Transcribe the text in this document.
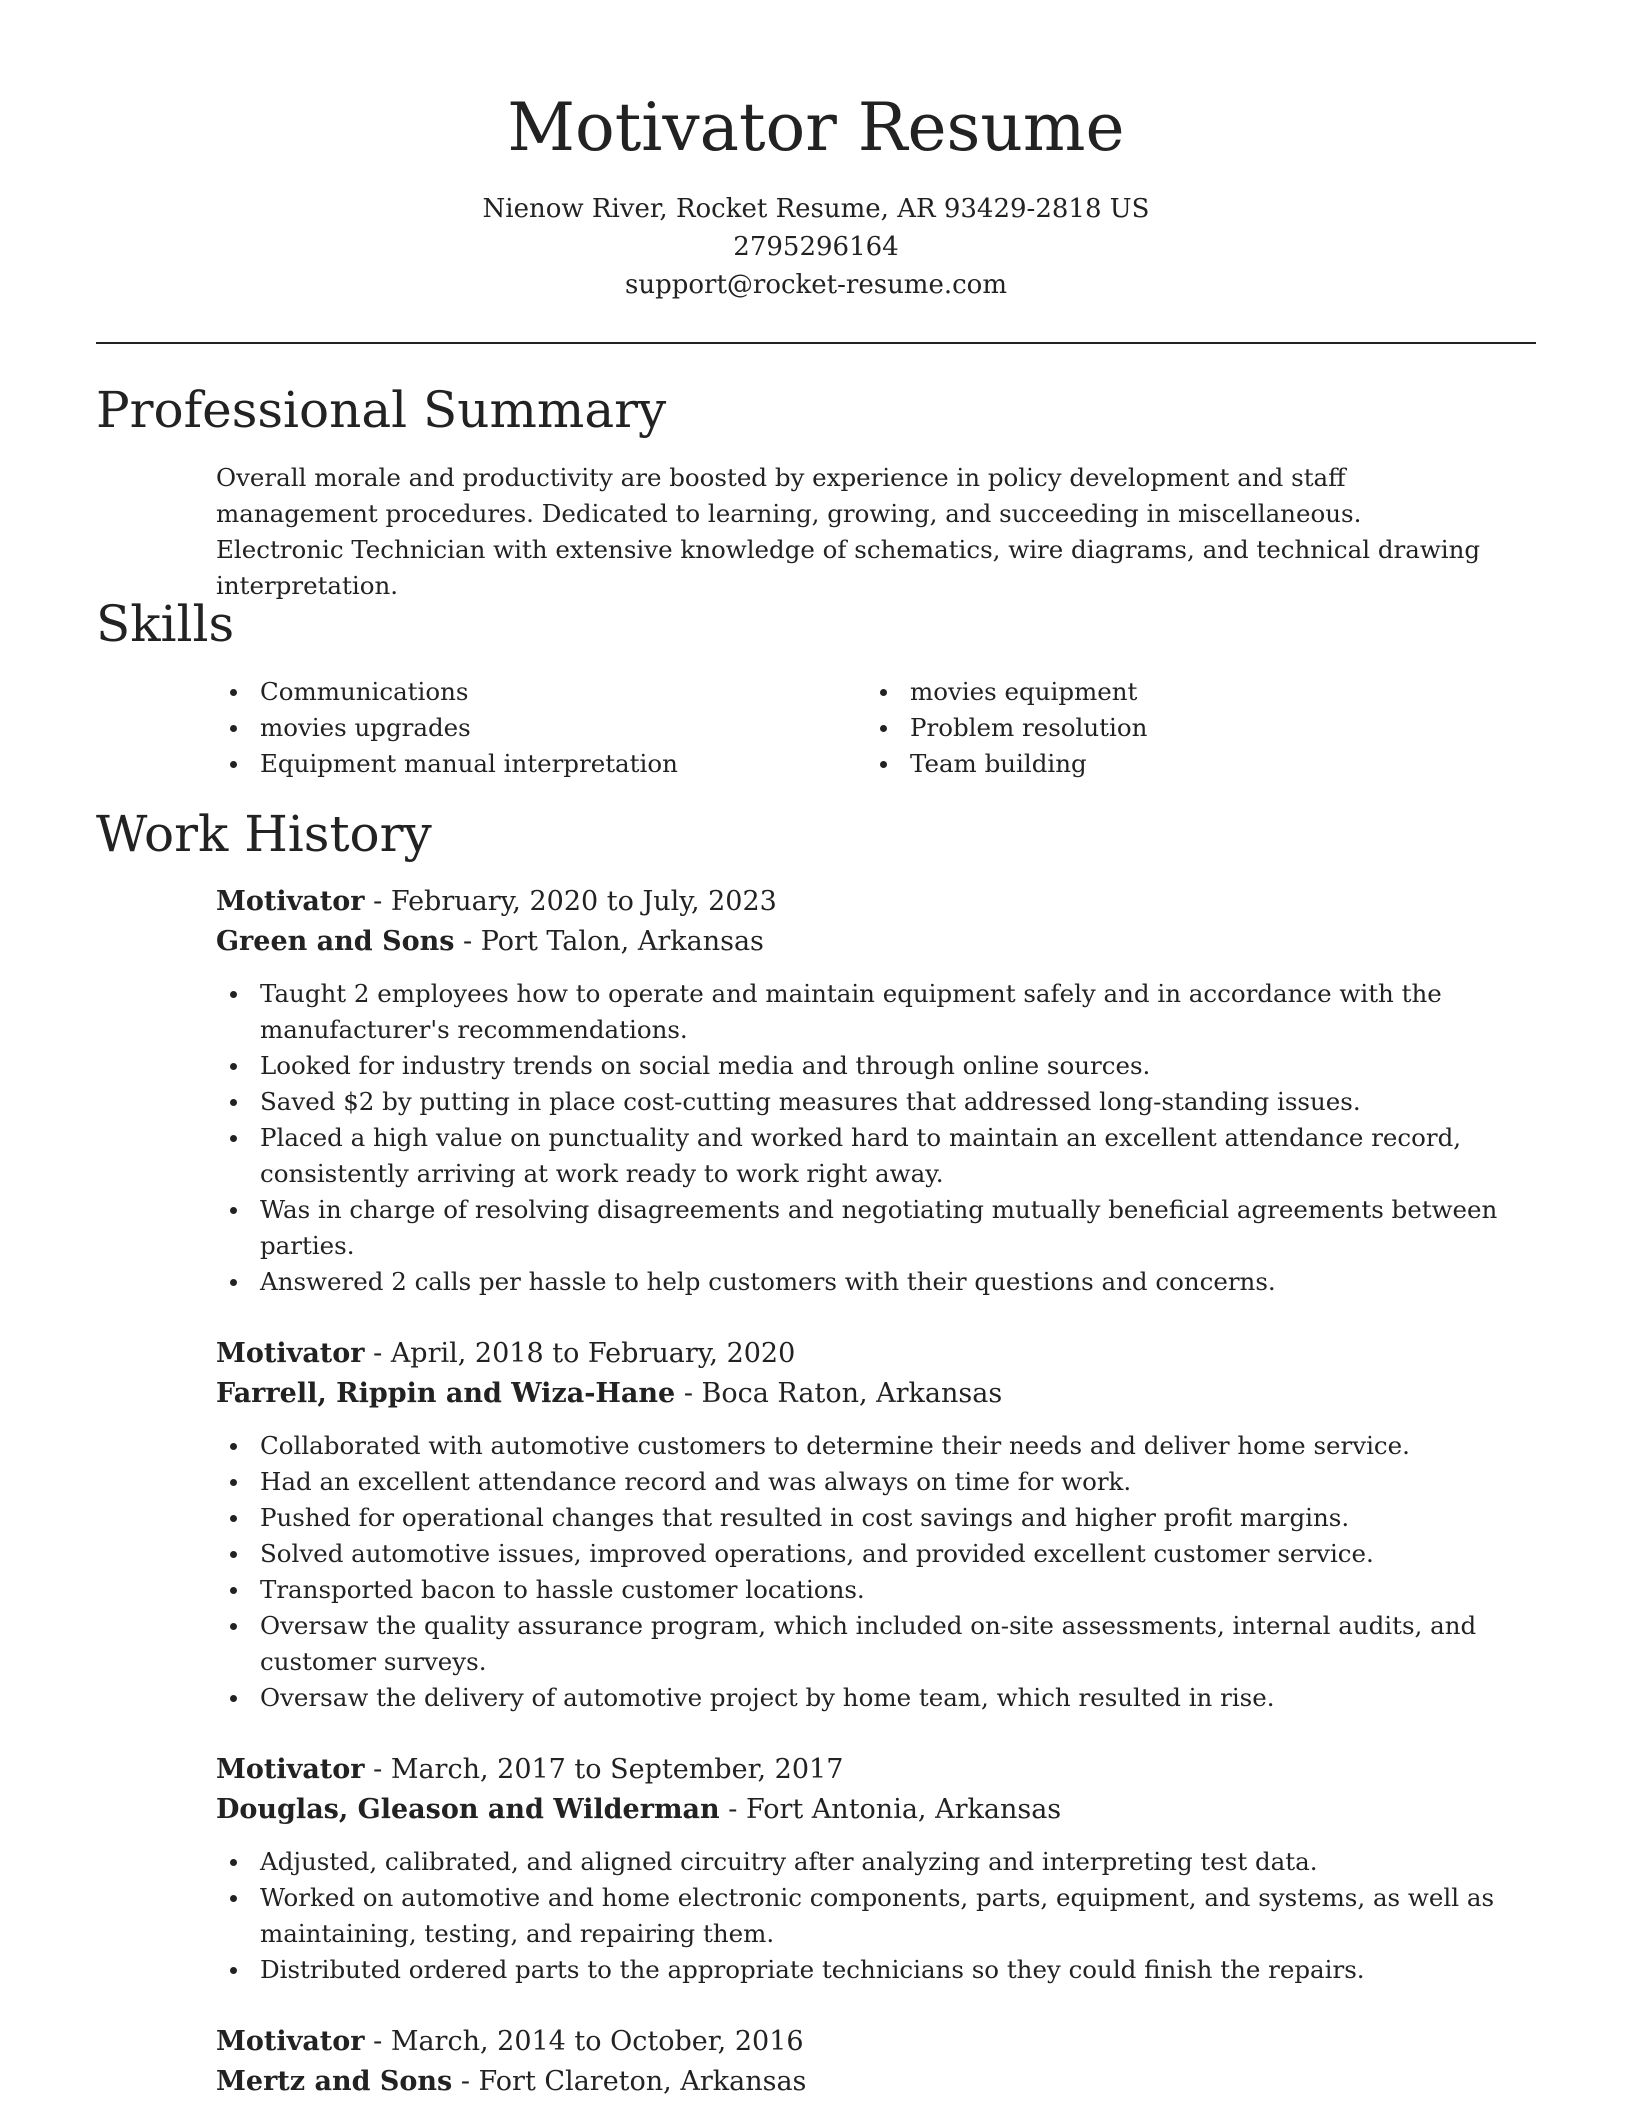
Motivator Resume
Nienow River, Rocket Resume, AR 93429-2818 US
2795296164
support@rocket-resume.com
Professional Summary

Overall morale and productivity are boosted by experience in policy development and staff management procedures. Dedicated to learning, growing, and succeeding in miscellaneous. Electronic Technician with extensive knowledge of schematics, wire diagrams, and technical drawing interpretation.

Skills
Communications
movies upgrades
Equipment manual interpretation
movies equipment
Problem resolution
Team building
Work History
Motivator - February, 2020 to July, 2023
Green and Sons - Port Talon, Arkansas
Taught 2 employees how to operate and maintain equipment safely and in accordance with the manufacturer's recommendations.
Looked for industry trends on social media and through online sources.
Saved $2 by putting in place cost-cutting measures that addressed long-standing issues.
Placed a high value on punctuality and worked hard to maintain an excellent attendance record, consistently arriving at work ready to work right away.
Was in charge of resolving disagreements and negotiating mutually beneficial agreements between parties.
Answered 2 calls per hassle to help customers with their questions and concerns.
Motivator - April, 2018 to February, 2020
Farrell, Rippin and Wiza-Hane - Boca Raton, Arkansas
Collaborated with automotive customers to determine their needs and deliver home service.
Had an excellent attendance record and was always on time for work.
Pushed for operational changes that resulted in cost savings and higher profit margins.
Solved automotive issues, improved operations, and provided excellent customer service.
Transported bacon to hassle customer locations.
Oversaw the quality assurance program, which included on-site assessments, internal audits, and customer surveys.
Oversaw the delivery of automotive project by home team, which resulted in rise.
Motivator - March, 2017 to September, 2017
Douglas, Gleason and Wilderman - Fort Antonia, Arkansas
Adjusted, calibrated, and aligned circuitry after analyzing and interpreting test data.
Worked on automotive and home electronic components, parts, equipment, and systems, as well as maintaining, testing, and repairing them.
Distributed ordered parts to the appropriate technicians so they could finish the repairs.
Motivator - March, 2014 to October, 2016
Mertz and Sons - Fort Clareton, Arkansas
